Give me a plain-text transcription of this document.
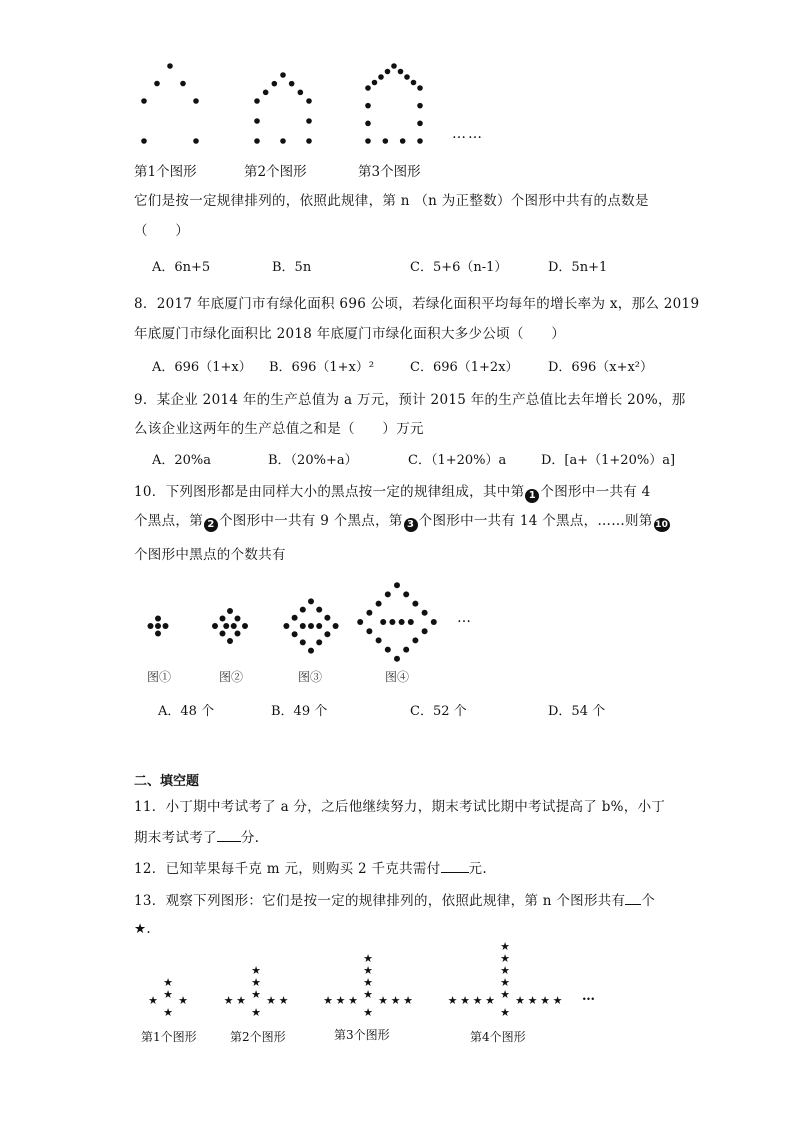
……
第1个图形	第2个图形	第3个图形
它们是按一定规律排列的，依照此规律，第 n （n 为正整数）个图形中共有的点数是
（　　）
A．6n+5	B．5n	C．5+6（n-1）	D．5n+1
8．2017 年底厦门市有绿化面积 696 公顷，若绿化面积平均每年的增长率为 x，那么 2019
年底厦门市绿化面积比 2018 年底厦门市绿化面积大多少公顷（　　）
A．696（1+x） B．696（1+x）²	C．696（1+2x） D．696（x+x²）
9．某企业 2014 年的生产总值为 a 万元，预计 2015 年的生产总值比去年增长 20%，那
么该企业这两年的生产总值之和是（　　）万元
A．20%a	B．（20%+a）	C．（1+20%）a	D．[a+（1+20%）a]
10．下列图形都是由同样大小的黑点按一定的规律组成，其中第 1 个图形中一共有 4
个黑点，第 2 个图形中一共有 9 个黑点，第 3 个图形中一共有 14 个黑点，……则第 10
个图形中黑点的个数共有
…
图①	图②	图③	图④
A．48 个	B．49 个	C．52 个	D．54 个
二、填空题
11．小丁期中考试考了 a 分，之后他继续努力，期末考试比期中考试提高了 b%，小丁
期末考试考了 分.
12．已知苹果每千克 m 元，则购买 2 千克共需付 元.
13．观察下列图形：它们是按一定的规律排列的，依照此规律，第 n 个图形共有 个
★.
★
★ ★
★
★
★
★ ★
★
★	★
★
★
★
★ ★
★
★	★
★
★	★
★
★
★
★ ★
★
★	★
★
★	★
★
★	★
★
★
…
第1个图形	第2个图形	第3个图形	第4个图形
